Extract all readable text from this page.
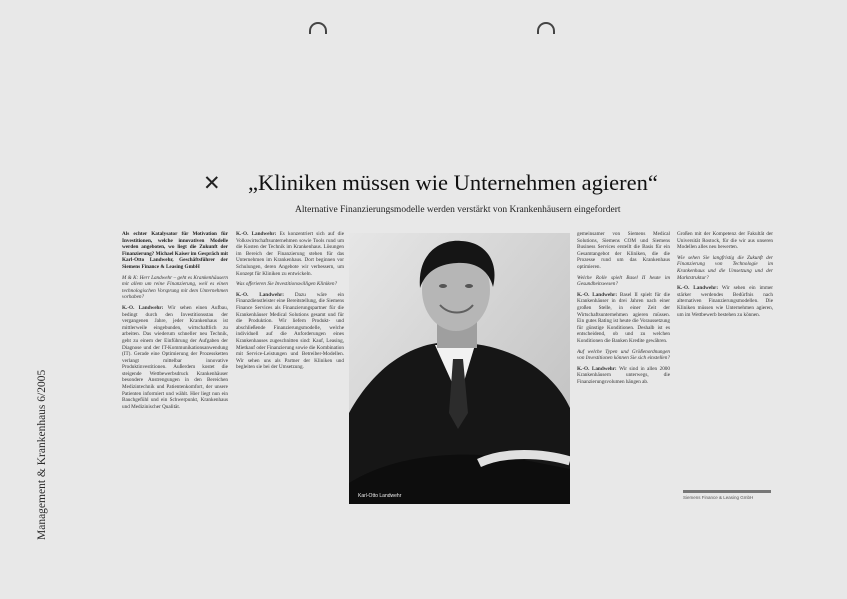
Management & Krankenhaus 6/2005
✕ „Kliniken müssen wie Unternehmen agieren“
Alternative Finanzierungsmodelle werden verstärkt von Krankenhäusern eingefordert

Als echter Katalysator für Motivation für Investitionen, welche innovativen Modelle werden angeboten, wo liegt die Zukunft der Finanzierung? Michael Kaiser im Gespräch mit Karl-Otto Landwehr, Geschäftsführer der Siemens Finance & Leasing GmbH

M & K: Herr Landwehr – geht es Krankenhäusern mit allem um reine Finanzierung, weil es einen technologischen Vorsprung mit dem Unternehmen vorhaben?

K.-O. Landwehr: Wir sehen einen Aufbau, bedingt durch den Investitionsstau der vergangenen Jahre, jeder Krankenhaus ist mittlerweile eingebunden, wirtschaftlich zu arbeiten. Das wiederum schneller neu Technik, geht zu einem der Einführung der Aufgaben der Diagnose und der IT-Kommunikationsanwendung (IT). Gerade eine Optimierung der Prozessketten verlangt mittelbar innovative Produktinvestitionen. Außerdem kostet die steigende Wettbewerbsdruck Krankenhäuser besondere Anstrengungen in den Bereichen Medizintechnik und Patientenkomfort, der unsere Patienten informiert und wählt. Hier liegt nun ein Bauchgefühl und ein Schwerpunkt, Krankenhaus und Medizinischer Qualität.

K.-O. Landwehr: Es konzentriert sich auf die Volkswirtschaftsunternehmen sowie Tools rund um die Kosten der Technik im Krankenhaus. Lösungen im Bereich der Finanzierung stehen für das Unternehmen im Krankenhaus. Dort beginnen vor Schulungen, deren Angebote wir verbessern, um Konzept für Kliniken zu entwickeln.

Was offerieren Sie Investitionswilligen Kliniken?

K.-O. Landwehr: Dazu wäre ein Finanzdienstleister eine Bereitstellung, die Siemens Finance Services als Finanzierungspartner für die Krankenhäuser Medical Solutions gesamt und für die Produktion. Wir liefern Produkt- und abschließende Finanzierungsmodelle, welche individuell auf die Anforderungen eines Krankenhauses zugeschnitten sind: Kauf, Leasing, Mietkauf oder Finanzierung sowie die Kombination mit Service-Leistungen und Betreiber-Modellen. Wir sehen uns als Partner der Kliniken und begleiten sie bei der Umsetzung.

Karl-Otto Landwehr

gemeinsamer von Siemens Medical Solutions, Siemens COM und Siemens Business Services erstellt die Basis für ein Gesamtangebot der Kliniken, die die Prozesse rund um das Krankenhaus optimieren.

Welche Rolle spielt Basel II heute im Gesundheitswesen?

K.-O. Landwehr: Basel II spielt für die Krankenhäuser in drei Jahren nach einer großen Stelle, in einer Zeit der Wirtschaftsunternehmen agieren müssen. Ein gutes Rating ist heute die Voraussetzung für günstige Konditionen. Deshalb ist es entscheidend, ob und zu welchen Konditionen die Banken Kredite gewähren.

Auf welche Typen und Größenordnungen von Investitionen können Sie sich einstellen?

K.-O. Landwehr: Wir sind in allen 2000 Krankenhäusern unterwegs, die Finanzierungsvolumen hängen ab.

Großen mit der Kompetenz der Fakultät der Universität Rostock, für die wir aus unseren Modellen alles neu bewerten.

Wie sehen Sie langfristig die Zukunft der Finanzierung von Technologie im Krankenhaus und die Umsetzung und der Marktstruktur?

K.-O. Landwehr: Wir sehen ein immer stärker werdendes Bedürfnis nach alternativen Finanzierungsmodellen. Die Kliniken müssen wie Unternehmen agieren, um im Wettbewerb bestehen zu können.

Siemens Finance & Leasing GmbH
